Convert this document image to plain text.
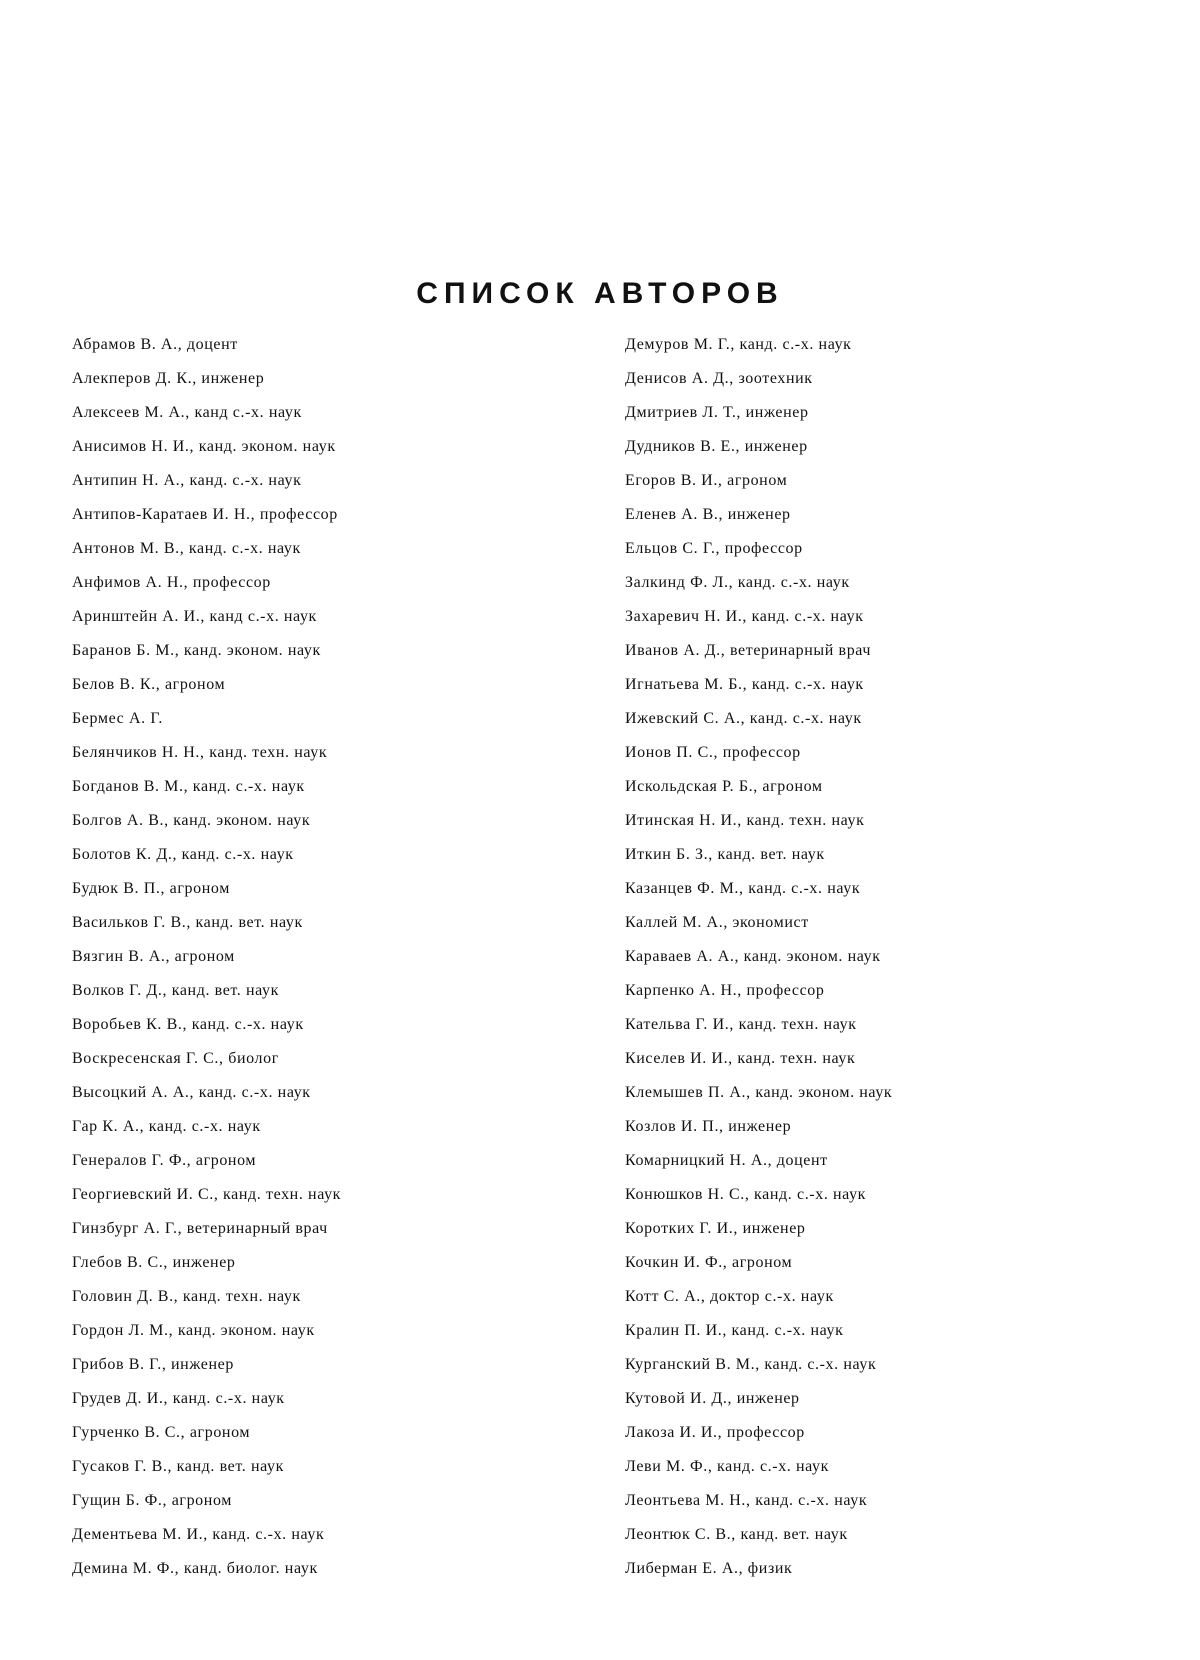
СПИСОК АВТОРОВ
Абрамов В. А., доцент
Алекперов Д. К., инженер
Алексеев М. А., канд с.-х. наук
Анисимов Н. И., канд. эконом. наук
Антипин Н. А., канд. с.-х. наук
Антипов-Каратаев И. Н., профессор
Антонов М. В., канд. с.-х. наук
Анфимов А. Н., профессор
Аринштейн А. И., канд с.-х. наук
Баранов Б. М., канд. эконом. наук
Белов В. К., агроном
Бермес А. Г.
Белянчиков Н. Н., канд. техн. наук
Богданов В. М., канд. с.-х. наук
Болгов А. В., канд. эконом. наук
Болотов К. Д., канд. с.-х. наук
Будюк В. П., агроном
Васильков Г. В., канд. вет. наук
Вязгин В. А., агроном
Волков Г. Д., канд. вет. наук
Воробьев К. В., канд. с.-х. наук
Воскресенская Г. С., биолог
Высоцкий А. А., канд. с.-х. наук
Гар К. А., канд. с.-х. наук
Генералов Г. Ф., агроном
Георгиевский И. С., канд. техн. наук
Гинзбург А. Г., ветеринарный врач
Глебов В. С., инженер
Головин Д. В., канд. техн. наук
Гордон Л. М., канд. эконом. наук
Грибов В. Г., инженер
Грудев Д. И., канд. с.-х. наук
Гурченко В. С., агроном
Гусаков Г. В., канд. вет. наук
Гущин Б. Ф., агроном
Дементьева М. И., канд. с.-х. наук
Демина М. Ф., канд. биолог. наук
Демуров М. Г., канд. с.-х. наук
Денисов А. Д., зоотехник
Дмитриев Л. Т., инженер
Дудников В. Е., инженер
Егоров В. И., агроном
Еленев А. В., инженер
Ельцов С. Г., профессор
Залкинд Ф. Л., канд. с.-х. наук
Захаревич Н. И., канд. с.-х. наук
Иванов А. Д., ветеринарный врач
Игнатьева М. Б., канд. с.-х. наук
Ижевский С. А., канд. с.-х. наук
Ионов П. С., профессор
Искольдская Р. Б., агроном
Итинская Н. И., канд. техн. наук
Иткин Б. З., канд. вет. наук
Казанцев Ф. М., канд. с.-х. наук
Каллей М. А., экономист
Каравaев А. А., канд. эконом. наук
Карпенко А. Н., профессор
Кательва Г. И., канд. техн. наук
Киселев И. И., канд. техн. наук
Клемышев П. А., канд. эконом. наук
Козлов И. П., инженер
Комарницкий Н. А., доцент
Конюшков Н. С., канд. с.-х. наук
Коротких Г. И., инженер
Кочкин И. Ф., агроном
Котт С. А., доктор с.-х. наук
Кралин П. И., канд. с.-х. наук
Курганский В. М., канд. с.-х. наук
Кутовой И. Д., инженер
Лакоза И. И., профессор
Леви М. Ф., канд. с.-х. наук
Леонтьева М. Н., канд. с.-х. наук
Леонтюк С. В., канд. вет. наук
Либерман Е. А., физик
